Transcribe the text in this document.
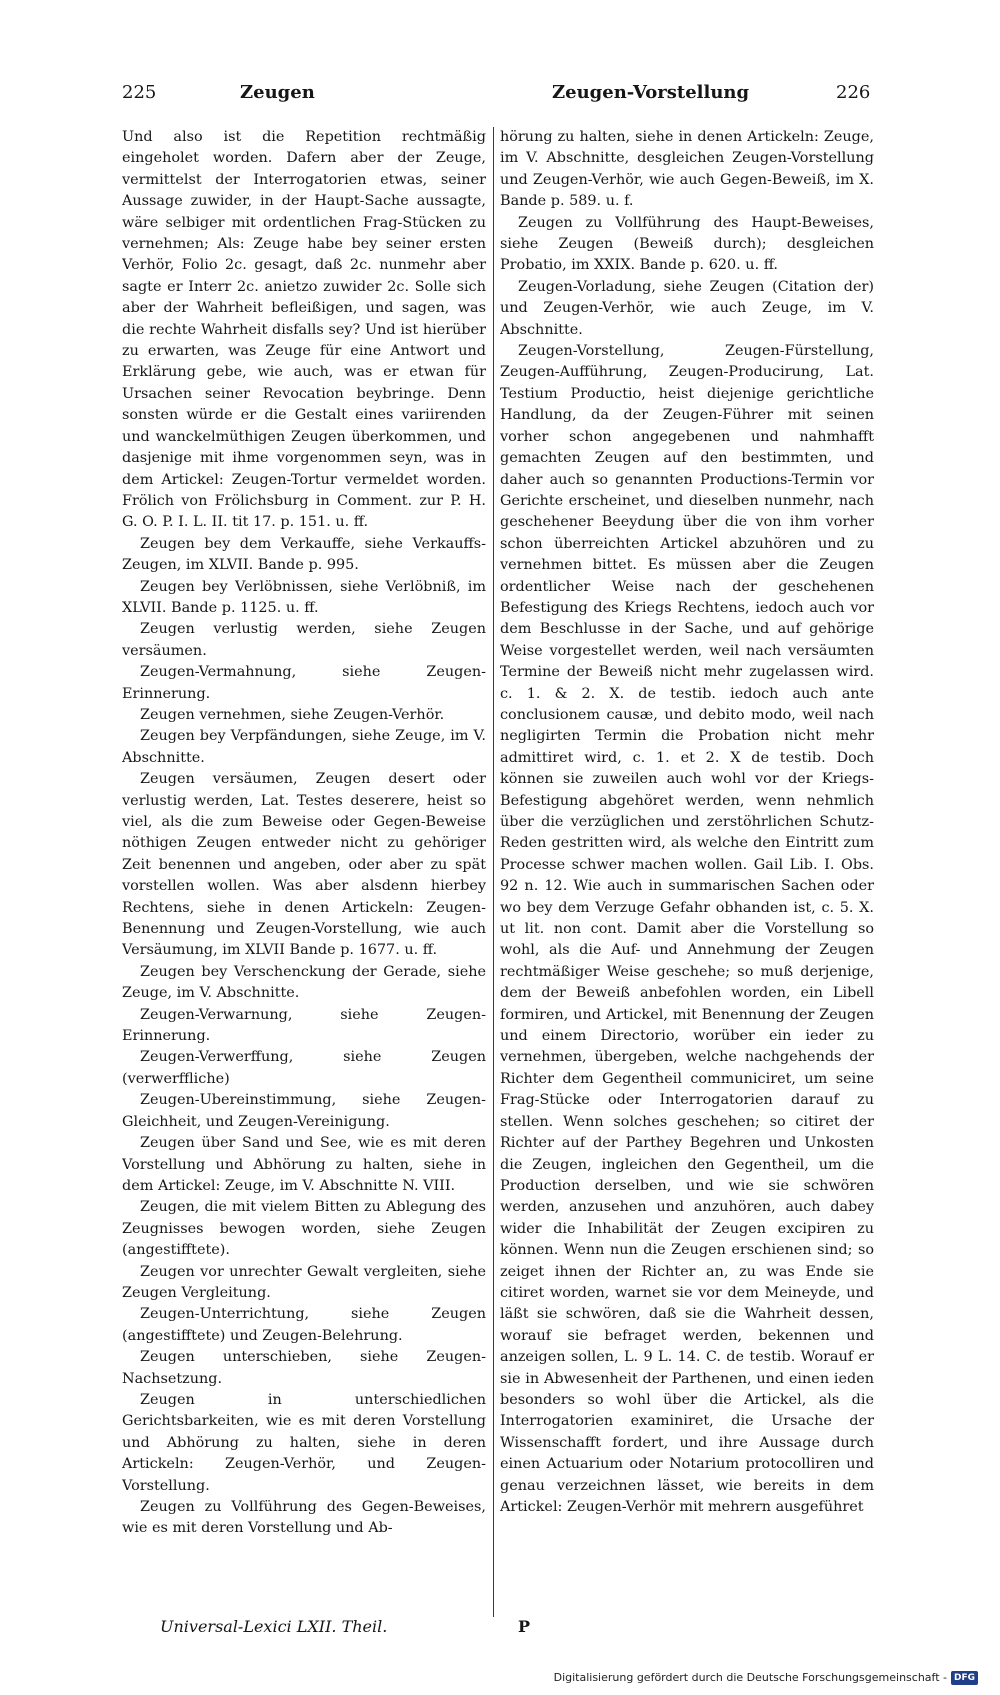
225	Zeugen	Zeugen-Vorstellung	226

Und also ist die Repetition rechtmäßig eingeholet worden. Dafern aber der Zeuge, vermittelst der Interrogatorien etwas, seiner Aussage zuwider, in der Haupt-Sache aussagte, wäre selbiger mit ordentlichen Frag-Stücken zu vernehmen; Als: Zeuge habe bey seiner ersten Verhör, Folio 2c. gesagt, daß 2c. nunmehr aber sagte er Interr 2c. anietzo zuwider 2c. Solle sich aber der Wahrheit befleißigen, und sagen, was die rechte Wahrheit disfalls sey? Und ist hierüber zu erwarten, was Zeuge für eine Antwort und Erklärung gebe, wie auch, was er etwan für Ursachen seiner Revocation beybringe. Denn sonsten würde er die Gestalt eines variirenden und wanckelmüthigen Zeugen überkommen, und dasjenige mit ihme vorgenommen seyn, was in dem Artickel: Zeugen-Tortur vermeldet worden. Frölich von Frölichsburg in Comment. zur P. H. G. O. P. I. L. II. tit 17. p. 151. u. ff.

Zeugen bey dem Verkauffe, siehe Verkauffs-Zeugen, im XLVII. Bande p. 995.

Zeugen bey Verlöbnissen, siehe Verlöbniß, im XLVII. Bande p. 1125. u. ff.

Zeugen verlustig werden, siehe Zeugen versäumen.

Zeugen-Vermahnung, siehe Zeugen-Erinnerung.

Zeugen vernehmen, siehe Zeugen-Verhör.

Zeugen bey Verpfändungen, siehe Zeuge, im V. Abschnitte.

Zeugen versäumen, Zeugen desert oder verlustig werden, Lat. Testes deserere, heist so viel, als die zum Beweise oder Gegen-Beweise nöthigen Zeugen entweder nicht zu gehöriger Zeit benennen und angeben, oder aber zu spät vorstellen wollen. Was aber alsdenn hierbey Rechtens, siehe in denen Artickeln: Zeugen-Benennung und Zeugen-Vorstellung, wie auch Versäumung, im XLVII Bande p. 1677. u. ff.

Zeugen bey Verschenckung der Gerade, siehe Zeuge, im V. Abschnitte.

Zeugen-Verwarnung, siehe Zeugen-Erinnerung.

Zeugen-Verwerffung, siehe Zeugen (verwerffliche)

Zeugen-Ubereinstimmung, siehe Zeugen-Gleichheit, und Zeugen-Vereinigung.

Zeugen über Sand und See, wie es mit deren Vorstellung und Abhörung zu halten, siehe in dem Artickel: Zeuge, im V. Abschnitte N. VIII.

Zeugen, die mit vielem Bitten zu Ablegung des Zeugnisses bewogen worden, siehe Zeugen (angestifftete).

Zeugen vor unrechter Gewalt vergleiten, siehe Zeugen Vergleitung.

Zeugen-Unterrichtung, siehe Zeugen (angestifftete) und Zeugen-Belehrung.

Zeugen unterschieben, siehe Zeugen-Nachsetzung.

Zeugen in unterschiedlichen Gerichtsbarkeiten, wie es mit deren Vorstellung und Abhörung zu halten, siehe in deren Artickeln: Zeugen-Verhör, und Zeugen-Vorstellung.

Zeugen zu Vollführung des Gegen-Beweises, wie es mit deren Vorstellung und Ab-

hörung zu halten, siehe in denen Artickeln: Zeuge, im V. Abschnitte, desgleichen Zeugen-Vorstellung und Zeugen-Verhör, wie auch Gegen-Beweiß, im X. Bande p. 589. u. f.

Zeugen zu Vollführung des Haupt-Beweises, siehe Zeugen (Beweiß durch); desgleichen Probatio, im XXIX. Bande p. 620. u. ff.

Zeugen-Vorladung, siehe Zeugen (Citation der) und Zeugen-Verhör, wie auch Zeuge, im V. Abschnitte.

Zeugen-Vorstellung, Zeugen-Fürstellung, Zeugen-Aufführung, Zeugen-Producirung, Lat. Testium Productio, heist diejenige gerichtliche Handlung, da der Zeugen-Führer mit seinen vorher schon angegebenen und nahmhafft gemachten Zeugen auf den bestimmten, und daher auch so genannten Productions-Termin vor Gerichte erscheinet, und dieselben nunmehr, nach geschehener Beeydung über die von ihm vorher schon überreichten Artickel abzuhören und zu vernehmen bittet. Es müssen aber die Zeugen ordentlicher Weise nach der geschehenen Befestigung des Kriegs Rechtens, iedoch auch vor dem Beschlusse in der Sache, und auf gehörige Weise vorgestellet werden, weil nach versäumten Termine der Beweiß nicht mehr zugelassen wird. c. 1. & 2. X. de testib. iedoch auch ante conclusionem causæ, und debito modo, weil nach negligirten Termin die Probation nicht mehr admittiret wird, c. 1. et 2. X de testib. Doch können sie zuweilen auch wohl vor der Kriegs-Befestigung abgehöret werden, wenn nehmlich über die verzüglichen und zerstöhrlichen Schutz-Reden gestritten wird, als welche den Eintritt zum Processe schwer machen wollen. Gail Lib. I. Obs. 92 n. 12. Wie auch in summarischen Sachen oder wo bey dem Verzuge Gefahr obhanden ist, c. 5. X. ut lit. non cont. Damit aber die Vorstellung so wohl, als die Auf- und Annehmung der Zeugen rechtmäßiger Weise geschehe; so muß derjenige, dem der Beweiß anbefohlen worden, ein Libell formiren, und Artickel, mit Benennung der Zeugen und einem Directorio, worüber ein ieder zu vernehmen, übergeben, welche nachgehends der Richter dem Gegentheil communiciret, um seine Frag-Stücke oder Interrogatorien darauf zu stellen. Wenn solches geschehen; so citiret der Richter auf der Parthey Begehren und Unkosten die Zeugen, ingleichen den Gegentheil, um die Production derselben, und wie sie schwören werden, anzusehen und anzuhören, auch dabey wider die Inhabilität der Zeugen excipiren zu können. Wenn nun die Zeugen erschienen sind; so zeiget ihnen der Richter an, zu was Ende sie citiret worden, warnet sie vor dem Meineyde, und läßt sie schwören, daß sie die Wahrheit dessen, worauf sie befraget werden, bekennen und anzeigen sollen, L. 9 L. 14. C. de testib. Worauf er sie in Abwesenheit der Parthenen, und einen ieden besonders so wohl über die Artickel, als die Interrogatorien examiniret, die Ursache der Wissenschafft fordert, und ihre Aussage durch einen Actuarium oder Notarium protocolliren und genau verzeichnen lässet, wie bereits in dem Artickel: Zeugen-Verhör mit mehrern ausgeführet

Universal-Lexici LXII. Theil.	P
Digitalisierung gefördert durch die Deutsche Forschungsgemeinschaft - DFG
